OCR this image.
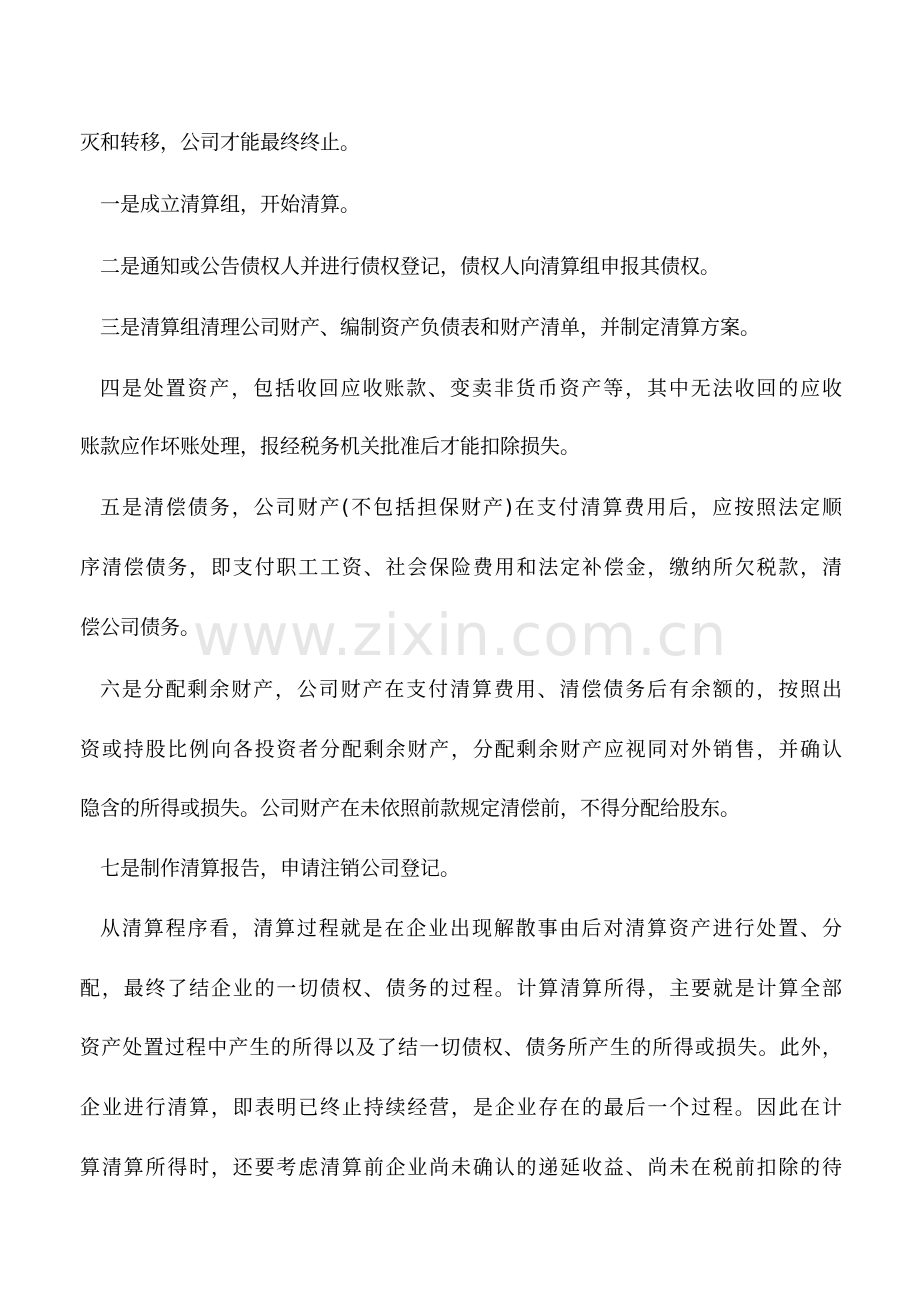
www.zixin.com.cn

灭和转移，公司才能最终终止。

一是成立清算组，开始清算。

二是通知或公告债权人并进行债权登记，债权人向清算组申报其债权。

三是清算组清理公司财产、编制资产负债表和财产清单，并制定清算方案。

四是处置资产，包括收回应收账款、变卖非货币资产等，其中无法收回的应收

账款应作坏账处理，报经税务机关批准后才能扣除损失。

五是清偿债务，公司财产(不包括担保财产)在支付清算费用后，应按照法定顺

序清偿债务，即支付职工工资、社会保险费用和法定补偿金，缴纳所欠税款，清

偿公司债务。

六是分配剩余财产，公司财产在支付清算费用、清偿债务后有余额的，按照出

资或持股比例向各投资者分配剩余财产，分配剩余财产应视同对外销售，并确认

隐含的所得或损失。公司财产在未依照前款规定清偿前，不得分配给股东。

七是制作清算报告，申请注销公司登记。

从清算程序看，清算过程就是在企业出现解散事由后对清算资产进行处置、分

配，最终了结企业的一切债权、债务的过程。计算清算所得，主要就是计算全部

资产处置过程中产生的所得以及了结一切债权、债务所产生的所得或损失。此外，

企业进行清算，即表明已终止持续经营，是企业存在的最后一个过程。因此在计

算清算所得时，还要考虑清算前企业尚未确认的递延收益、尚未在税前扣除的待
